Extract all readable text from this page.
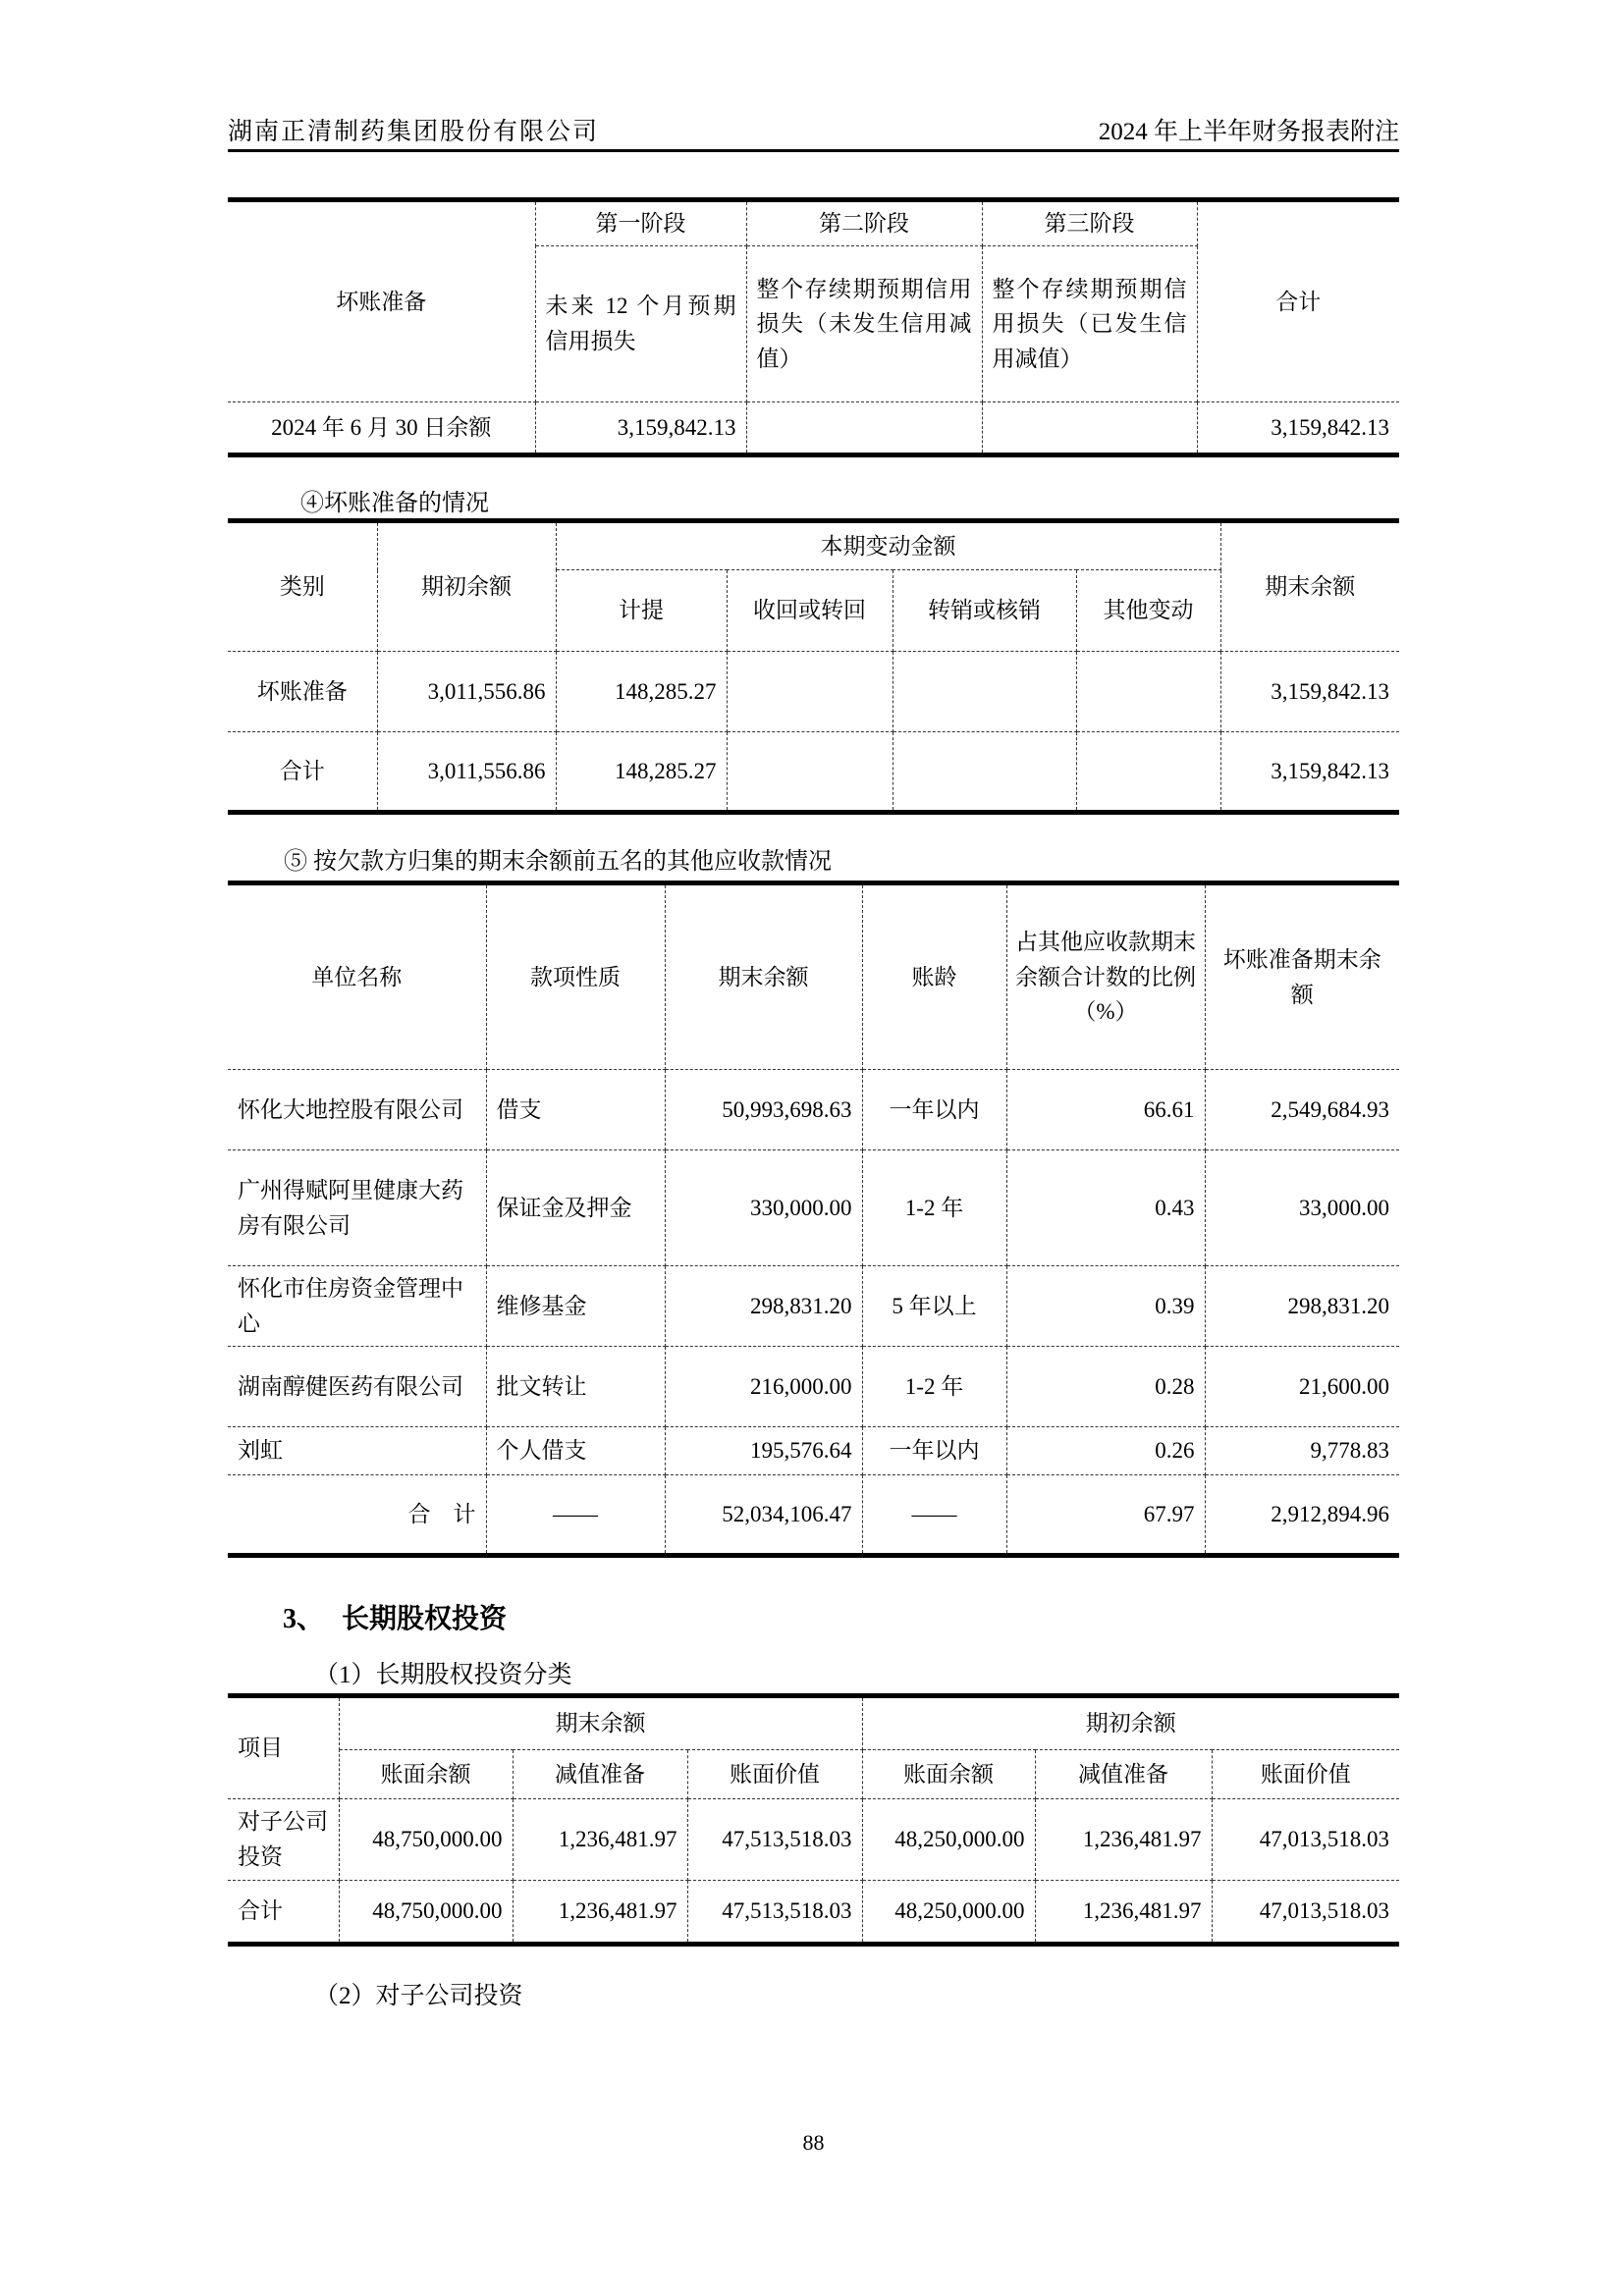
湖南正清制药集团股份有限公司	2024 年上半年财务报表附注
坏账准备	第一阶段	第二阶段	第三阶段	合计
	未来 12 个月预期信用损失	整个存续期预期信用损失（未发生信用减值）	整个存续期预期信用损失（已发生信用减值）	
2024 年 6 月 30 日余额	3,159,842.13			3,159,842.13
④坏账准备的情况
类别	期初余额	本期变动金额				期末余额
		计提	收回或转回	转销或核销	其他变动	
坏账准备	3,011,556.86	148,285.27				3,159,842.13
合计	3,011,556.86	148,285.27				3,159,842.13
⑤ 按欠款方归集的期末余额前五名的其他应收款情况
单位名称	款项性质	期末余额	账龄	占其他应收款期末余额合计数的比例（%）	坏账准备期末余额
怀化大地控股有限公司	借支	50,993,698.63	一年以内	66.61	2,549,684.93
广州得赋阿里健康大药房有限公司	保证金及押金	330,000.00	1-2 年	0.43	33,000.00
怀化市住房资金管理中心	维修基金	298,831.20	5 年以上	0.39	298,831.20
湖南醇健医药有限公司	批文转让	216,000.00	1-2 年	0.28	21,600.00
刘虹	个人借支	195,576.64	一年以内	0.26	9,778.83
合　计	——	52,034,106.47	——	67.97	2,912,894.96
3、 长期股权投资
（1）长期股权投资分类
项目	期末余额			期初余额		
	账面余额	减值准备	账面价值	账面余额	减值准备	账面价值
对子公司投资	48,750,000.00	1,236,481.97	47,513,518.03	48,250,000.00	1,236,481.97	47,013,518.03
合计	48,750,000.00	1,236,481.97	47,513,518.03	48,250,000.00	1,236,481.97	47,013,518.03
（2）对子公司投资
88
